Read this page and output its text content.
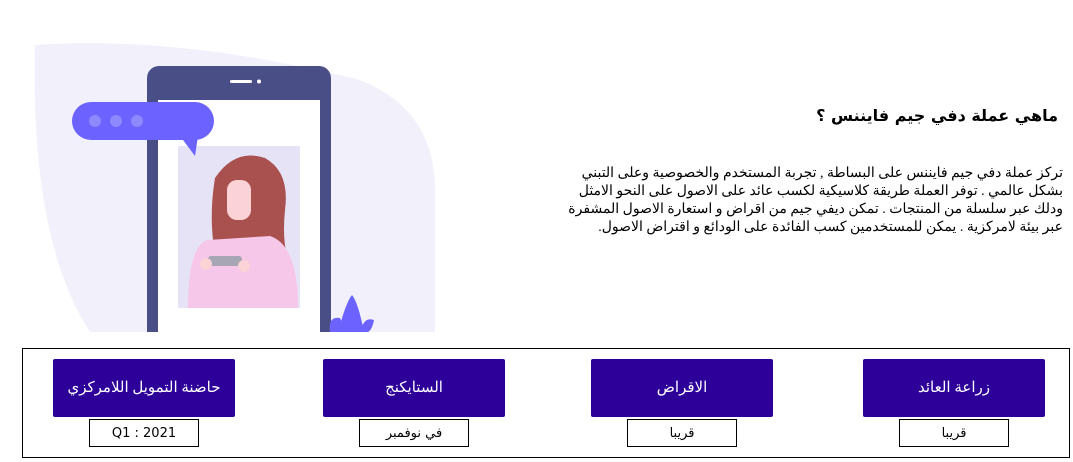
ماهي عملة دفي جيم فايننس ؟

تركز عملة دفي جيم فايننس على البساطة , تجربة المستخدم والخصوصية وعلى التبني بشكل عالمي . توفر العملة طريقة كلاسيكية لكسب عائد على الاصول على النحو الامثل ودلك عبر سلسلة من المنتجات . تمكن ديفي جيم من اقراض و استعارة الاصول المشفرة عبر بيئة لامركزية . يمكن للمستخدمين كسب الفائدة على الودائع و اقتراض الاصول.

حاضنة التمويل اللامركزي
Q1 : 2021
الستايكنج
في نوفمبر
الاقراض
قريبا
زراعة العائد
قريبا
